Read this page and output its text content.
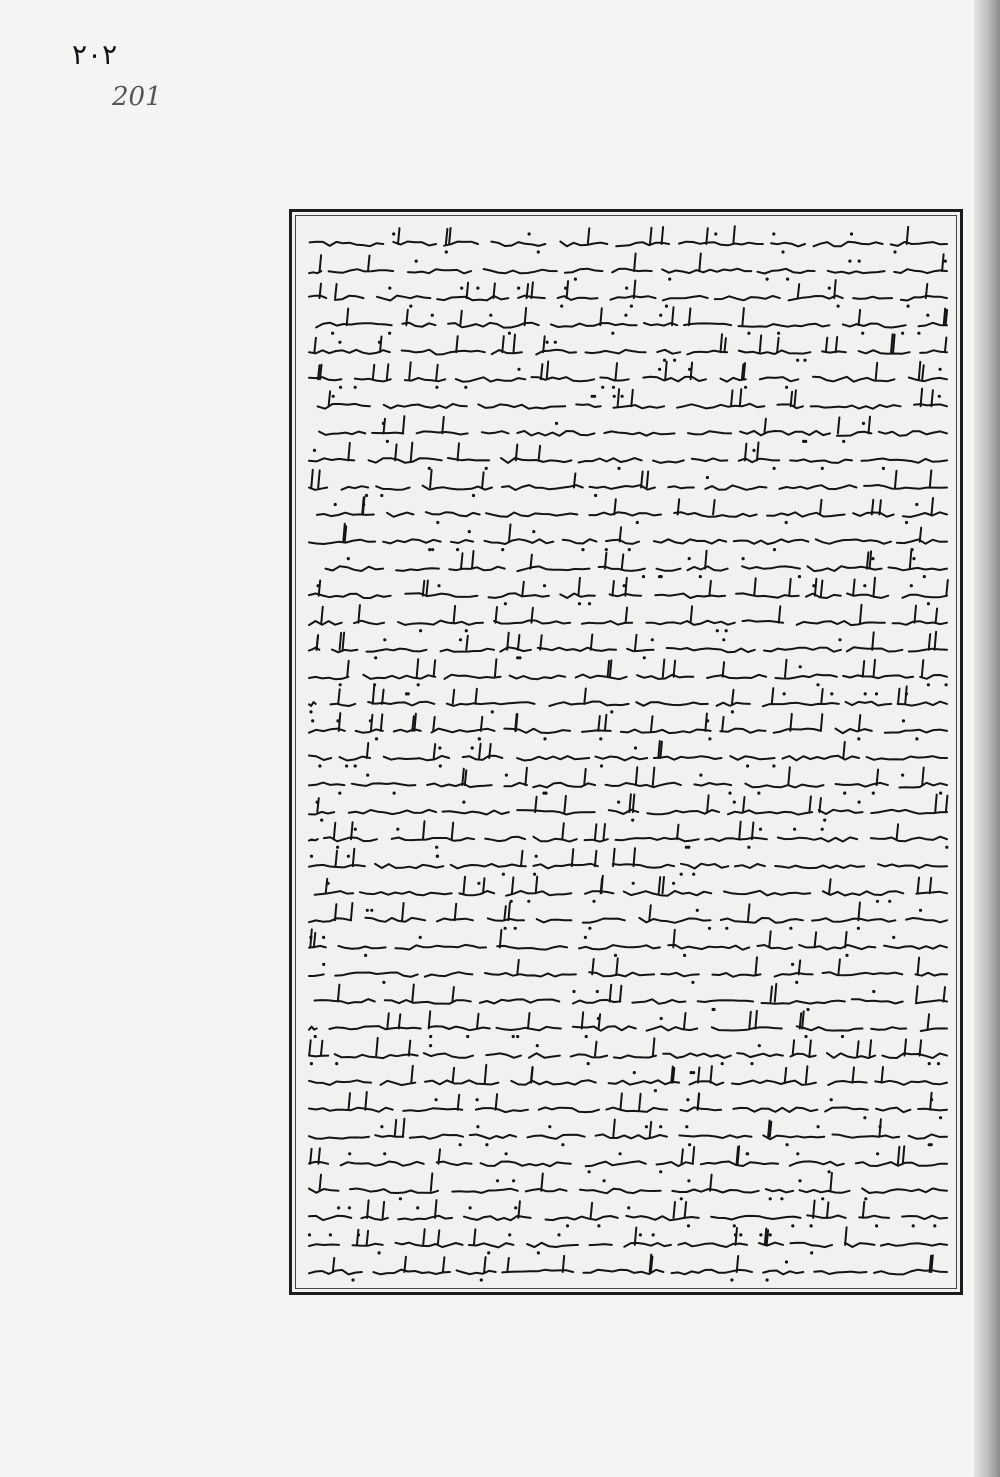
٢٠٢
201
